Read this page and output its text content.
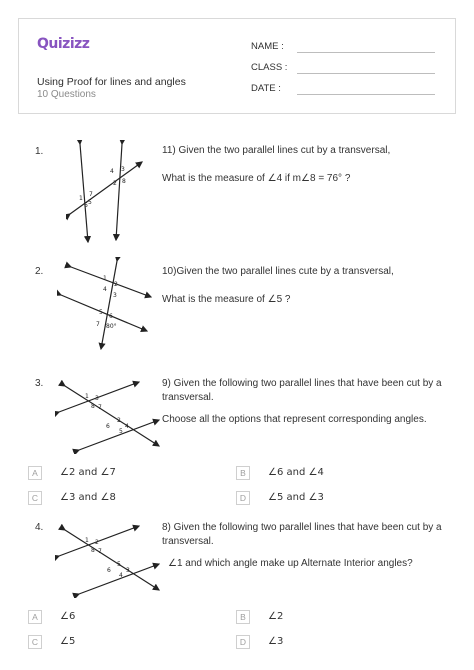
Quizizz
Using Proof for lines and angles
10 Questions
NAME :
CLASS :
DATE :
1.	11) Given the two parallel lines cut by a transversal,
What is the measure of ∠4 if m∠8 = 76° ?
1
7
6 5
4 3
2 8
2.	10)Given the two parallel lines cute by a transversal,
What is the measure of ∠5 ?
1
4
2
3
5
6
7 80°
3.	9) Given the following two parallel lines that have been cut by a
transversal.
Choose all the options that represent corresponding angles.
1 3
8
2
7
6
5
4
A	∠2 and ∠7	B	∠6 and ∠4
C	∠3 and ∠8	D	∠5 and ∠3
4.	8) Given the following two parallel lines that have been cut by a
transversal.
∠1 and which angle make up Alternate Interior angles?
1 2
8 7
5
6
4
3
A	∠6	B	∠2
C	∠5	D	∠3
